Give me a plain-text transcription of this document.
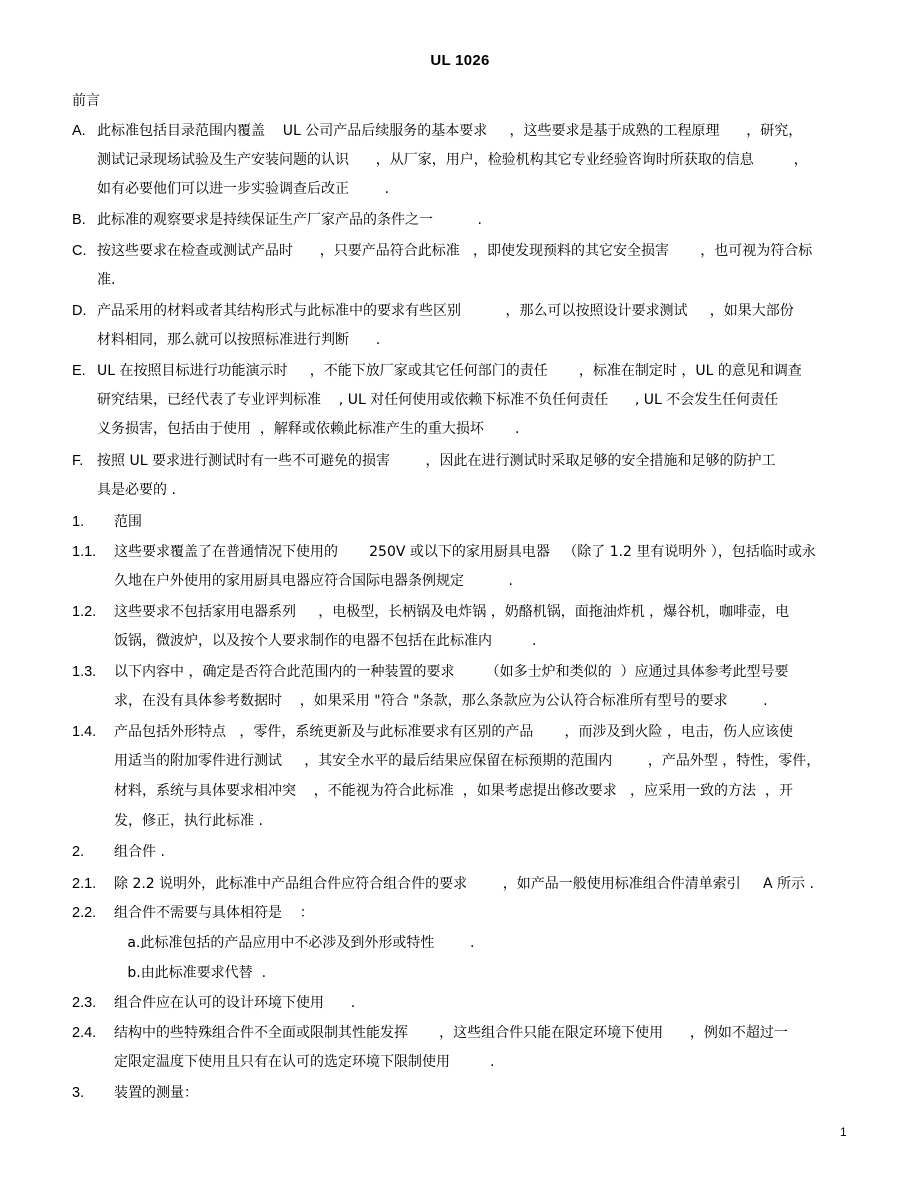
UL 1026
前言
A. 此标准包括目录范围内覆盖    UL 公司产品后续服务的基本要求     ，这些要求是基于成熟的工程原理      ，研究，
测试记录现场试验及生产安装问题的认识      ，从厂家，用户，检验机构其它专业经验咨询时所获取的信息         ，
如有必要他们可以进一步实验调查后改正        .
B. 此标准的观察要求是持续保证生产厂家产品的条件之一          .
C. 按这些要求在检查或测试产品时      ，只要产品符合此标准   ，即使发现预料的其它安全损害       ，也可视为符合标
准.
D. 产品采用的材料或者其结构形式与此标准中的要求有些区别          ，那么可以按照设计要求测试     ，如果大部份
材料相同，那么就可以按照标准进行判断      .
E. UL 在按照目标进行功能演示时     ，不能下放厂家或其它任何部门的责任       ，标准在制定时 ，UL 的意见和调查
研究结果，已经代表了专业评判标准    , UL 对任何使用或依赖下标准不负任何责任      , UL 不会发生任何责任
义务损害，包括由于使用  ，解释或依赖此标准产生的重大损坏       .
F. 按照 UL 要求进行测试时有一些不可避免的损害        ，因此在进行测试时采取足够的安全措施和足够的防护工
具是必要的 .
1. 范围
1.1. 这些要求覆盖了在普通情况下使用的       250V 或以下的家用厨具电器   （除了 1.2 里有说明外 ），包括临时或永
久地在户外使用的家用厨具电器应符合国际电器条例规定          .
1.2. 这些要求不包括家用电器系列     ，电极型，长柄锅及电炸锅 ，奶酪机锅，面拖油炸机 ，爆谷机，咖啡壶，电
饭锅，微波炉，以及按个人要求制作的电器不包括在此标准内         .
1.3. 以下内容中 ，确定是否符合此范围内的一种装置的要求       （如多士炉和类似的  ）应通过具体参考此型号要
求，在没有具体参考数据时    ，如果采用 "符合 "条款，那么条款应为公认符合标准所有型号的要求        .
1.4. 产品包括外形特点   ，零件，系统更新及与此标准要求有区别的产品       ，而涉及到火险 ，电击，伤人应该使
用适当的附加零件进行测试     ，其安全水平的最后结果应保留在标预期的范围内        ，产品外型 ，特性，零件，
材料，系统与具体要求相冲突    ，不能视为符合此标准  ，如果考虑提出修改要求   ，应采用一致的方法  ，开
发，修正，执行此标准 .
2. 组合件 .
2.1. 除 2.2 说明外，此标准中产品组合件应符合组合件的要求        ，如产品一般使用标准组合件清单索引     A 所示 .
2.2. 组合件不需要与具体相符是    ：
a.此标准包括的产品应用中不必涉及到外形或特性        .
b.由此标准要求代替  .
2.3. 组合件应在认可的设计环境下使用      .
2.4. 结构中的些特殊组合件不全面或限制其性能发挥       ，这些组合件只能在限定环境下使用      ，例如不超过一
定限定温度下使用且只有在认可的选定环境下限制使用         .
3. 装置的测量：
1
